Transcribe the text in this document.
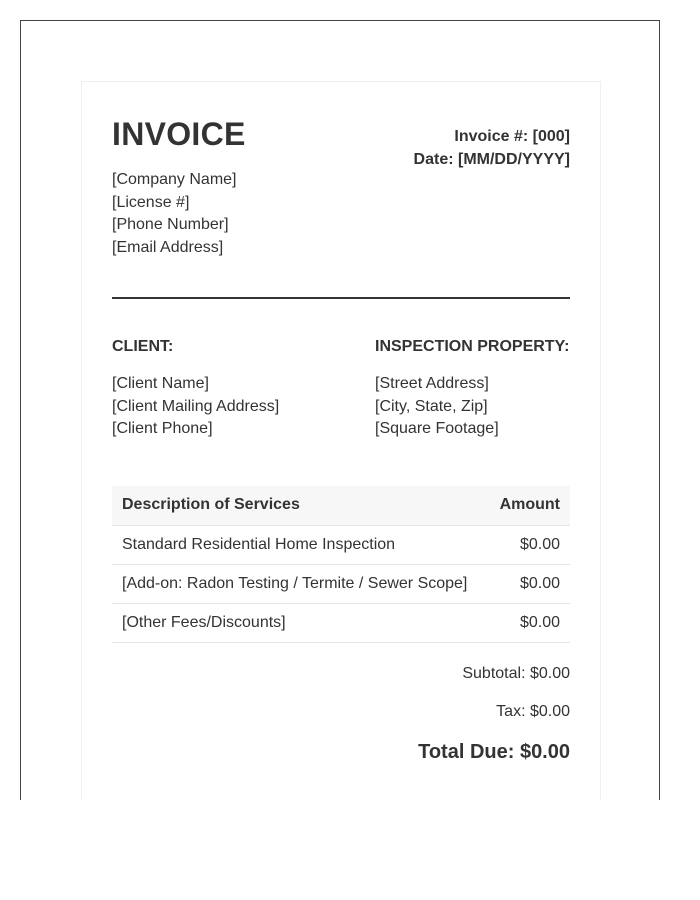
INVOICE
[Company Name]
[License #]
[Phone Number]
[Email Address]
Invoice #: [000]
Date: [MM/DD/YYYY]
CLIENT:
[Client Name]
[Client Mailing Address]
[Client Phone]
INSPECTION PROPERTY:
[Street Address]
[City, State, Zip]
[Square Footage]
Description of Services	Amount
Standard Residential Home Inspection	$0.00
[Add-on: Radon Testing / Termite / Sewer Scope]	$0.00
[Other Fees/Discounts]	$0.00
Subtotal: $0.00
Tax: $0.00
Total Due: $0.00
